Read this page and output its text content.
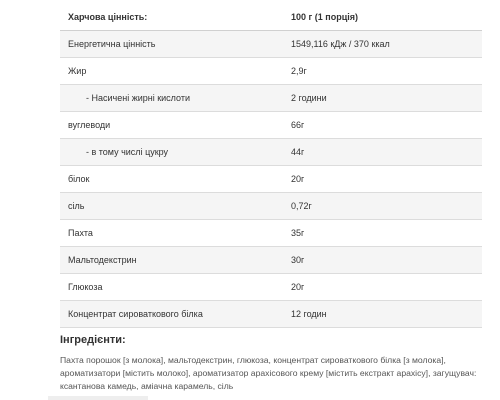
Харчова цінність:	100 г (1 порція)
Енергетична цінність	1549,116 кДж / 370 ккал
Жир	2,9г
- Насичені жирні кислоти	2 години
вуглеводи	66г
- в тому числі цукру	44г
білок	20г
сіль	0,72г
Пахта	35г
Мальтодекстрин	30г
Глюкоза	20г
Концентрат сироваткового білка	12 годин
Інгредієнти:

Пахта порошок [з молока], мальтодекстрин, глюкоза, концентрат сироваткового білка [з молока], ароматизатори [містить молоко], ароматизатор арахісового крему [містить екстракт арахісу], загущувач: ксантанова камедь, аміачна карамель, сіль
